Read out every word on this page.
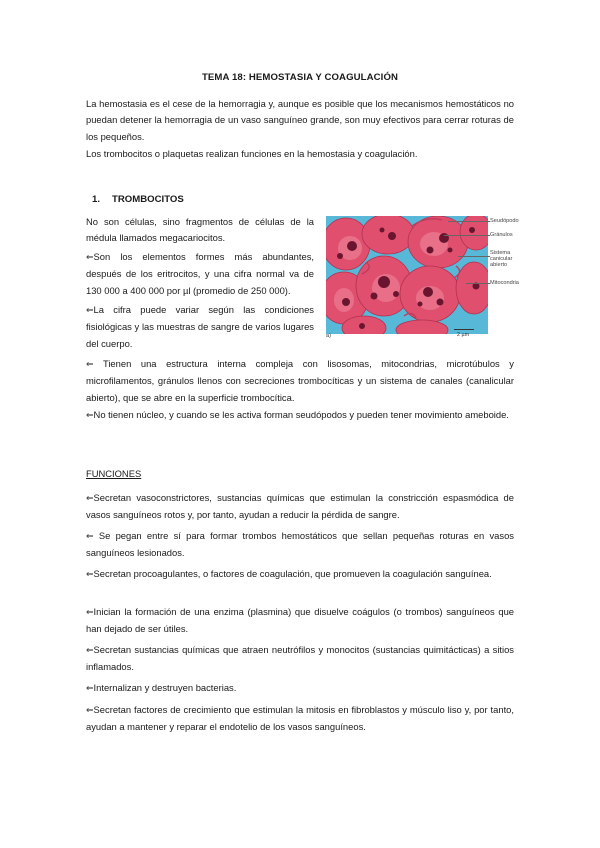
TEMA 18: HEMOSTASIA Y COAGULACIÓN
La hemostasia es el cese de la hemorragia y, aunque es posible que los mecanismos hemostáticos no puedan detener la hemorragia de un vaso sanguíneo grande, son muy efectivos para cerrar roturas de los pequeños.
Los trombocitos o plaquetas realizan funciones en la hemostasia y coagulación.
1. TROMBOCITOS
No son células, sino fragmentos de células de la médula llamados megacariocitos.
⇐Son los elementos formes más abundantes, después de los eritrocitos, y una cifra normal va de 130 000 a 400 000 por µl (promedio de 250 000).
⇐La cifra puede variar según las condiciones fisiológicas y las muestras de sangre de varios lugares del cuerpo.
⇐ Tienen una estructura interna compleja con lisosomas, mitocondrias, microtúbulos y microfilamentos, gránulos llenos con secreciones trombocíticas y un sistema de canales (canalicular abierto), que se abre en la superficie trombocítica.
⇐No tienen núcleo, y cuando se les activa forman seudópodos y pueden tener movimiento ameboide.
Seudópodo
Gránulos
Sistema canicular abierto
Mitocondria
a)	2 µm
FUNCIONES
⇐Secretan vasoconstrictores, sustancias químicas que estimulan la constricción espasmódica de vasos sanguíneos rotos y, por tanto, ayudan a reducir la pérdida de sangre.
⇐ Se pegan entre sí para formar trombos hemostáticos que sellan pequeñas roturas en vasos sanguíneos lesionados.
⇐Secretan procoagulantes, o factores de coagulación, que promueven la coagulación sanguínea.
⇐Inician la formación de una enzima (plasmina) que disuelve coágulos (o trombos) sanguíneos que han dejado de ser útiles.
⇐Secretan sustancias químicas que atraen neutrófilos y monocitos (sustancias quimitácticas) a sitios inflamados.
⇐Internalizan y destruyen bacterias.
⇐Secretan factores de crecimiento que estimulan la mitosis en fibroblastos y músculo liso y, por tanto, ayudan a mantener y reparar el endotelio de los vasos sanguíneos.
